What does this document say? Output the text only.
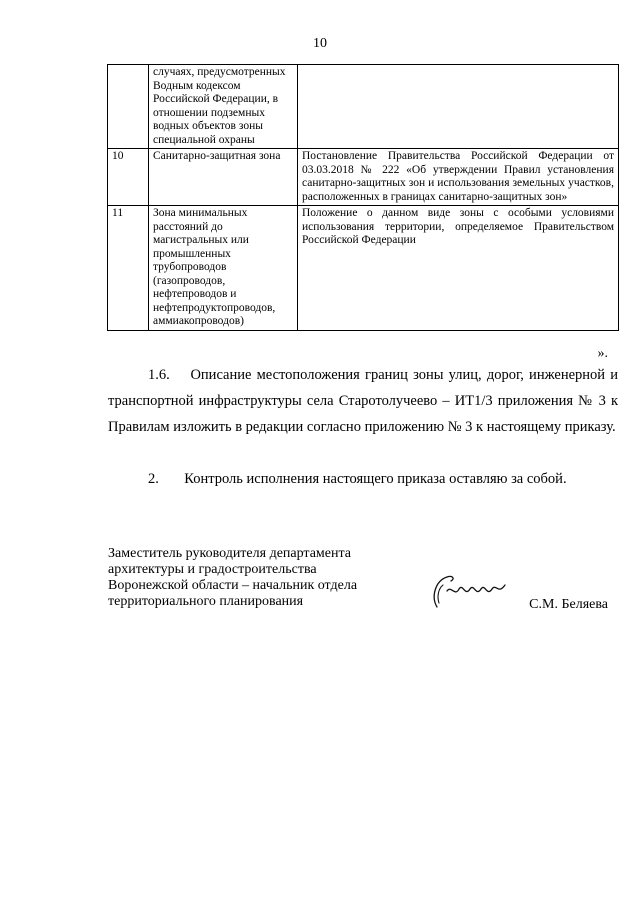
10
	случаях, предусмотренных Водным кодексом Российской Федерации, в отношении подземных водных объектов зоны специальной охраны	
10	Санитарно-защитная зона	Постановление Правительства Российской Федерации от 03.03.2018 № 222 «Об утверждении Правил установления санитарно-защитных зон и использования земельных участков, расположенных в границах санитарно-защитных зон»
11	Зона минимальных расстояний до магистральных или промышленных трубопроводов (газопроводов, нефтепроводов и нефтепродуктопроводов, аммиакопроводов)	Положение о данном виде зоны с особыми условиями использования территории, определяемое Правительством Российской Федерации
».
1.6. Описание местоположения границ зоны улиц, дорог, инженерной и транспортной инфраструктуры села Старотолучеево – ИТ1/3 приложения № 3 к Правилам изложить в редакции согласно приложению № 3 к настоящему приказу.
2. Контроль исполнения настоящего приказа оставляю за собой.
Заместитель руководителя департамента
архитектуры и градостроительства
Воронежской области – начальник отдела
территориального планирования	С.М. Беляева
